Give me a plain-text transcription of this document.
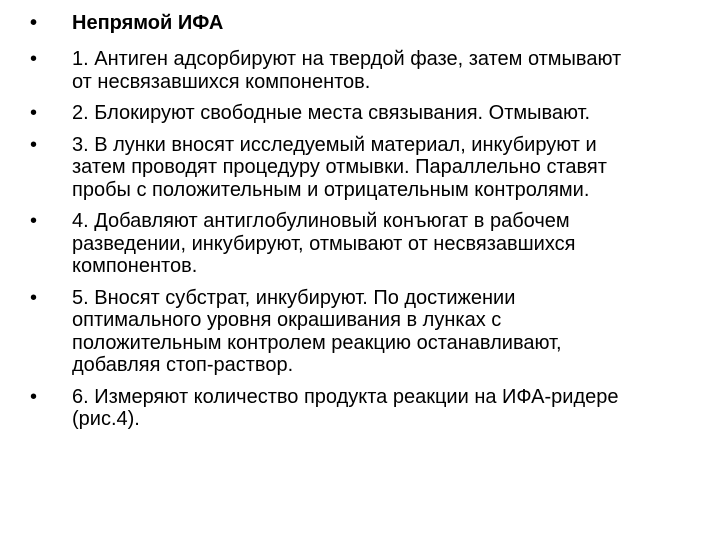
•	Непрямой ИФА
•	1. Антиген адсорбируют на твердой фазе, затем отмывают
от несвязавшихся компонентов.
•	2. Блокируют свободные места связывания. Отмывают.
•	3. В лунки вносят исследуемый материал, инкубируют и
затем проводят процедуру отмывки. Параллельно ставят
пробы с положительным и отрицательным контролями.
•	4. Добавляют антиглобулиновый конъюгат в рабочем
разведении, инкубируют, отмывают от несвязавшихся
компонентов.
•	5. Вносят субстрат, инкубируют. По достижении
оптимального уровня окрашивания в лунках с
положительным контролем реакцию останавливают,
добавляя стоп-раствор.
•	6. Измеряют количество продукта реакции на ИФА-ридере
(рис.4).
